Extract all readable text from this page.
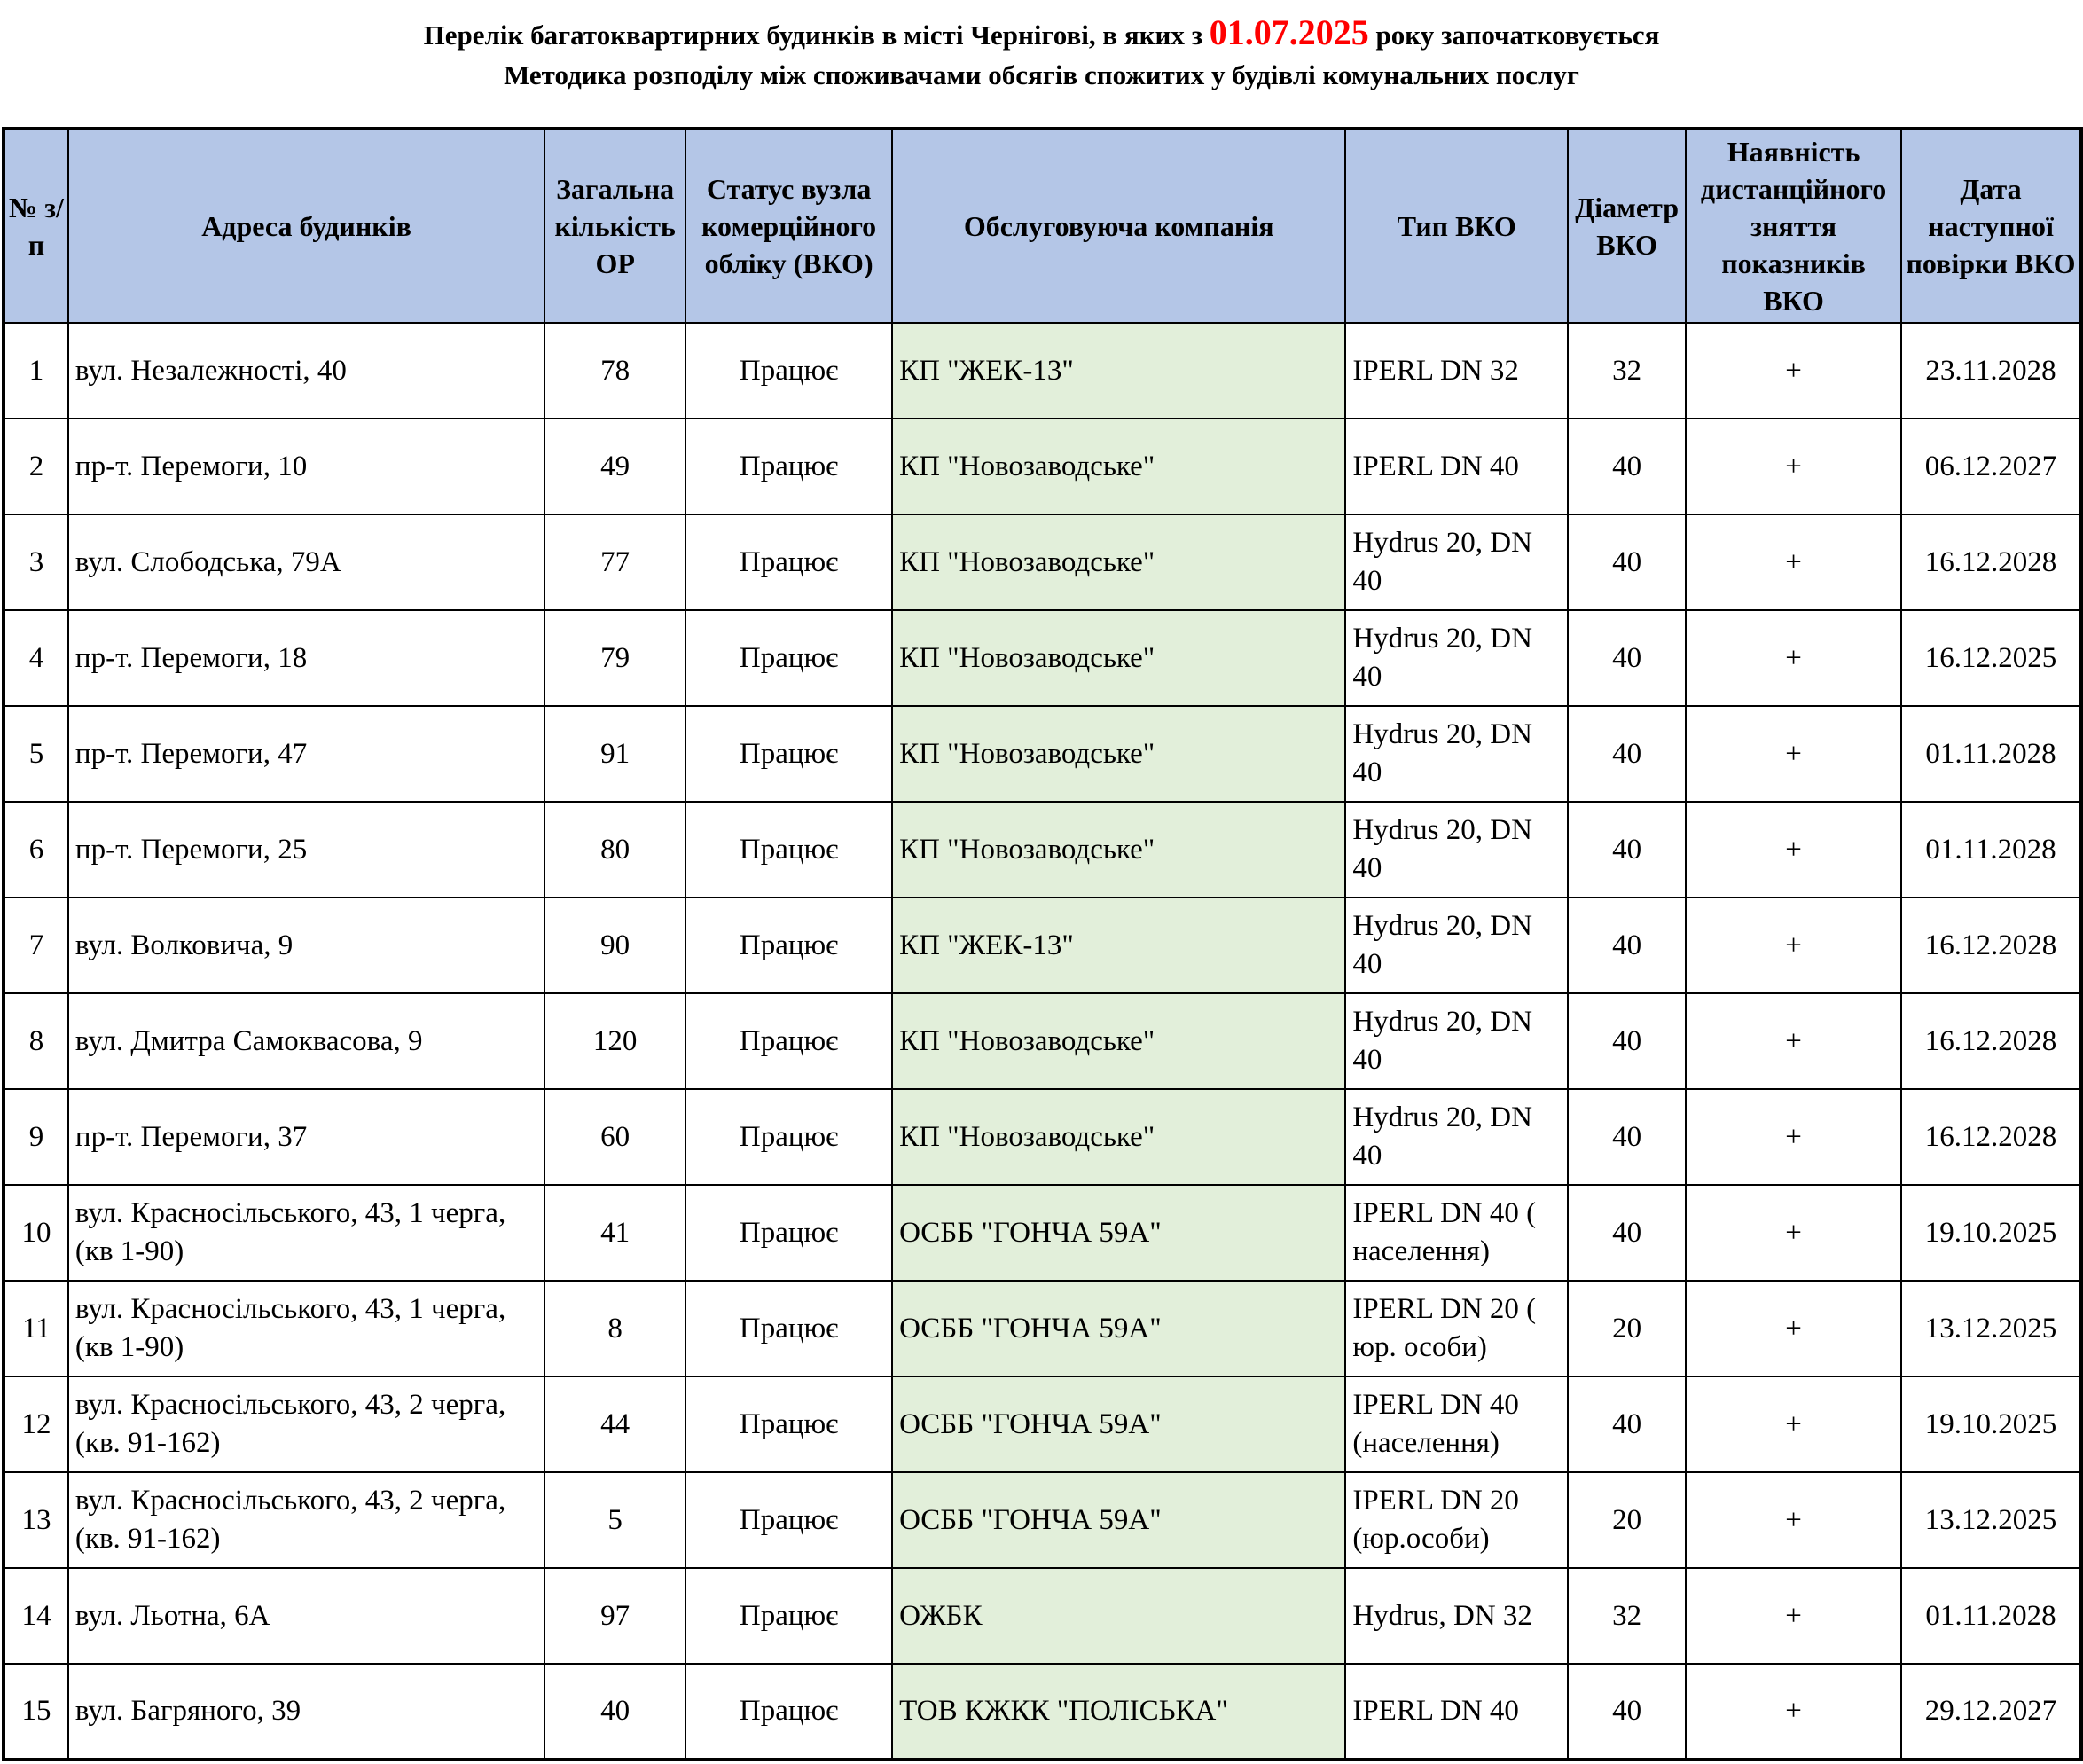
Перелік багатоквартирних будинків в місті Чернігові, в яких з 01.07.2025 року започатковується
Методика розподілу між споживачами обсягів спожитих у будівлі комунальних послуг
№ з/п	Адреса будинків	Загальна кількість ОР	Статус вузла комерційного обліку (ВКО)	Обслуговуюча компанія	Тип ВКО	Діаметр ВКО	Наявність дистанційного зняття показників ВКО	Дата наступної повірки ВКО
1	вул. Незалежності, 40	78	Працює	КП "ЖЕК-13"	IPERL DN 32	32	+	23.11.2028
2	пр-т. Перемоги, 10	49	Працює	КП "Новозаводське"	IPERL DN 40	40	+	06.12.2027
3	вул. Слободська, 79А	77	Працює	КП "Новозаводське"	Hydrus 20, DN 40	40	+	16.12.2028
4	пр-т. Перемоги, 18	79	Працює	КП "Новозаводське"	Hydrus 20, DN 40	40	+	16.12.2025
5	пр-т. Перемоги, 47	91	Працює	КП "Новозаводське"	Hydrus 20, DN 40	40	+	01.11.2028
6	пр-т. Перемоги, 25	80	Працює	КП "Новозаводське"	Hydrus 20, DN 40	40	+	01.11.2028
7	вул. Волковича, 9	90	Працює	КП "ЖЕК-13"	Hydrus 20, DN 40	40	+	16.12.2028
8	вул. Дмитра Самоквасова, 9	120	Працює	КП "Новозаводське"	Hydrus 20, DN 40	40	+	16.12.2028
9	пр-т. Перемоги, 37	60	Працює	КП "Новозаводське"	Hydrus 20, DN 40	40	+	16.12.2028
10	вул. Красносільського, 43, 1 черга, (кв 1-90)	41	Працює	ОСББ "ГОНЧА 59А"	IPERL DN 40 ( населення)	40	+	19.10.2025
11	вул. Красносільського, 43, 1 черга, (кв 1-90)	8	Працює	ОСББ "ГОНЧА 59А"	IPERL DN 20 ( юр. особи)	20	+	13.12.2025
12	вул. Красносільського, 43, 2 черга, (кв. 91-162)	44	Працює	ОСББ "ГОНЧА 59А"	IPERL DN 40 (населення)	40	+	19.10.2025
13	вул. Красносільського, 43, 2 черга, (кв. 91-162)	5	Працює	ОСББ "ГОНЧА 59А"	IPERL DN 20 (юр.особи)	20	+	13.12.2025
14	вул. Льотна, 6А	97	Працює	ОЖБК	Hydrus, DN 32	32	+	01.11.2028
15	вул. Багряного, 39	40	Працює	ТОВ КЖКК "ПОЛІСЬКА"	IPERL DN 40	40	+	29.12.2027
